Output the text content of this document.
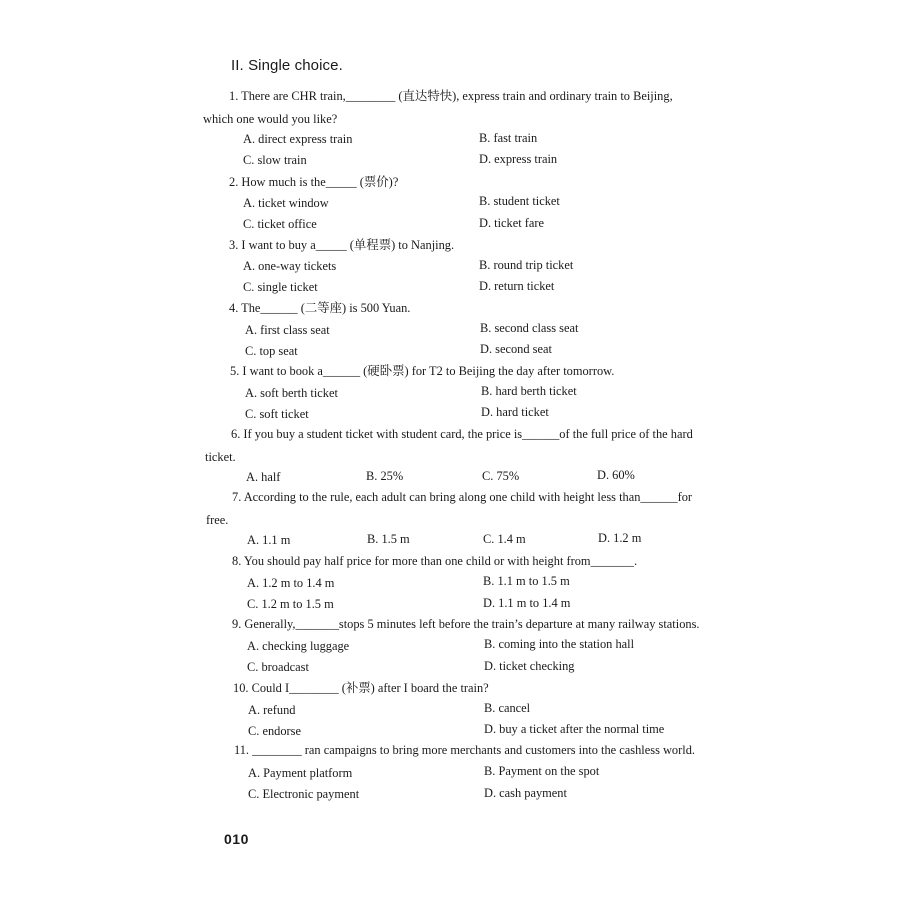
II. Single choice.
1. There are CHR train,________ (直达特快), express train and ordinary train to Beijing,
which one would you like?
A. direct express train	B. fast train
C. slow train	D. express train
2. How much is the_____ (票价)?
A. ticket window	B. student ticket
C. ticket office	D. ticket fare
3. I want to buy a_____ (单程票) to Nanjing.
A. one-way tickets	B. round trip ticket
C. single ticket	D. return ticket
4. The______ (二等座) is 500 Yuan.
A. first class seat	B. second class seat
C. top seat	D. second seat
5. I want to book a______ (硬卧票) for T2 to Beijing the day after tomorrow.
A. soft berth ticket	B. hard berth ticket
C. soft ticket	D. hard ticket
6. If you buy a student ticket with student card, the price is______of the full price of the hard
ticket.
A. half	B. 25%	C. 75%	D. 60%
7. According to the rule, each adult can bring along one child with height less than______for
free.
A. 1.1 m	B. 1.5 m	C. 1.4 m	D. 1.2 m
8. You should pay half price for more than one child or with height from_______.
A. 1.2 m to 1.4 m	B. 1.1 m to 1.5 m
C. 1.2 m to 1.5 m	D. 1.1 m to 1.4 m
9. Generally,_______stops 5 minutes left before the train’s departure at many railway stations.
A. checking luggage	B. coming into the station hall
C. broadcast	D. ticket checking
10. Could I________ (补票) after I board the train?
A. refund	B. cancel
C. endorse	D. buy a ticket after the normal time
11. ________ ran campaigns to bring more merchants and customers into the cashless world.
A. Payment platform	B. Payment on the spot
C. Electronic payment	D. cash payment
010
